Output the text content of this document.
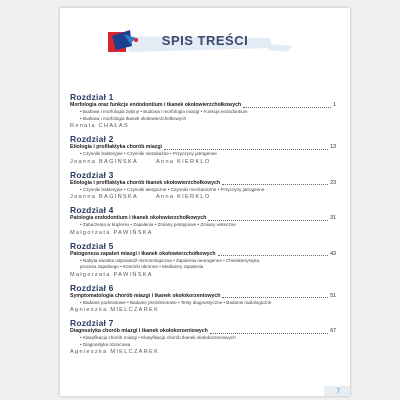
SPIS TREŚCI
Rozdział 1
Morfologia oraz funkcje endodontium i tkanek okołowierzchołkowych	1
• Budowa i morfologia zębiny • Budowa i morfologia miazgi • Funkcja endodontium
• Budowa i morfologia tkanek okołowierzchołkowych
Renata CHAŁAS
Rozdział 2
Etiologia i profilaktyka chorób miazgi	13
• Czynniki bakteryjne • Czynniki niezakaźne • Przyczyny jatrogenne
Joanna BAGIŃSKA	Anna KIERKLO
Rozdział 3
Etiologia i profilaktyka chorób tkanek okołowierzchołkowych	23
• Czynniki bakteryjne • Czynniki alergiczne • Czynniki mechaniczne • Przyczyny jatrogenne
Joanna BAGIŃSKA	Anna KIERKLO
Rozdział 4
Patologia endodontium i tkanek okołowierzchołkowych	31
• Zaburzenia w krążeniu • Zapalenia • Zmiany postępowe • Zmiany wsteczne
Małgorzata PAWIŃSKA
Rozdział 5
Patogeneza zapaleń miazgi i tkanek okołowierzchołkowych	43
• Nabyta swoista odpowiedź immunologiczna • Zapalenia neurogenne • Charakterystyka
procesu zapalnego • Komórki obronne • Mediatory zapalenia
Małgorzata PAWIŃSKA
Rozdział 6
Symptomatologia chorób miazgi i tkanek okołokorzeniowych	51
• Badanie podmiotowe • Badanie przedmiotowe • Testy diagnostyczne • Badanie radiologiczne
Agnieszka MIELCZAREK
Rozdział 7
Diagnostyka chorób miazgi i tkanek okołokorzeniowych	67
• Klasyfikacja chorób miazgi • Klasyfikacja chorób tkanek okołokorzeniowych
• Diagnostyka różnicowa
Agnieszka MIELCZAREK
7
